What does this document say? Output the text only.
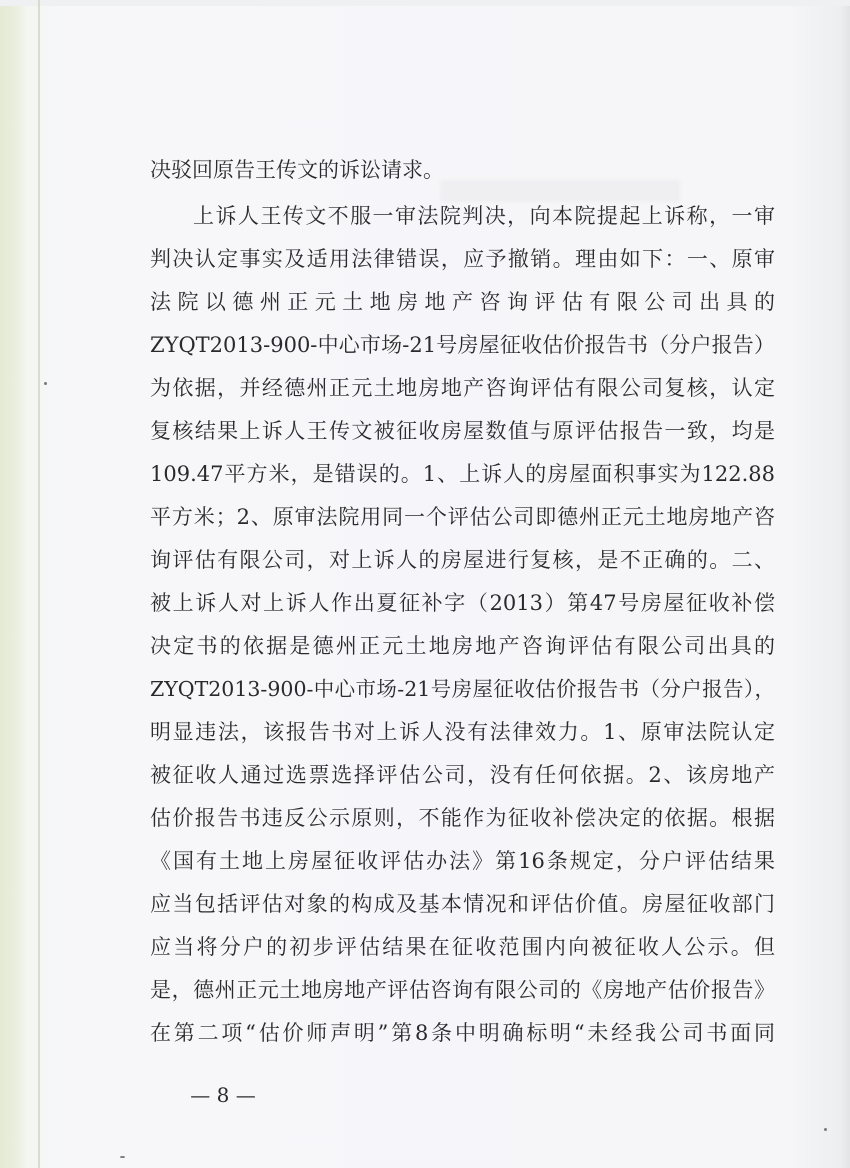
决驳回原告王传文的诉讼请求。
上诉人王传文不服一审法院判决，向本院提起上诉称，一审
判决认定事实及适用法律错误，应予撤销。理由如下：一、原审
法院以德州正元土地房地产咨询评估有限公司出具的
ZYQT2013-900-中心市场-21号房屋征收估价报告书（分户报告）
为依据，并经德州正元土地房地产咨询评估有限公司复核，认定
复核结果上诉人王传文被征收房屋数值与原评估报告一致，均是
109.47平方米，是错误的。1、上诉人的房屋面积事实为122.88
平方米；2、原审法院用同一个评估公司即德州正元土地房地产咨
询评估有限公司，对上诉人的房屋进行复核，是不正确的。二、
被上诉人对上诉人作出夏征补字（2013）第47号房屋征收补偿
决定书的依据是德州正元土地房地产咨询评估有限公司出具的
ZYQT2013-900-中心市场-21号房屋征收估价报告书（分户报告），
明显违法，该报告书对上诉人没有法律效力。1、原审法院认定
被征收人通过选票选择评估公司，没有任何依据。2、该房地产
估价报告书违反公示原则，不能作为征收补偿决定的依据。根据
《国有土地上房屋征收评估办法》第16条规定，分户评估结果
应当包括评估对象的构成及基本情况和评估价值。房屋征收部门
应当将分户的初步评估结果在征收范围内向被征收人公示。但
是，德州正元土地房地产评估咨询有限公司的《房地产估价报告》
在第二项“估价师声明”第8条中明确标明“未经我公司书面同
— 8 —
